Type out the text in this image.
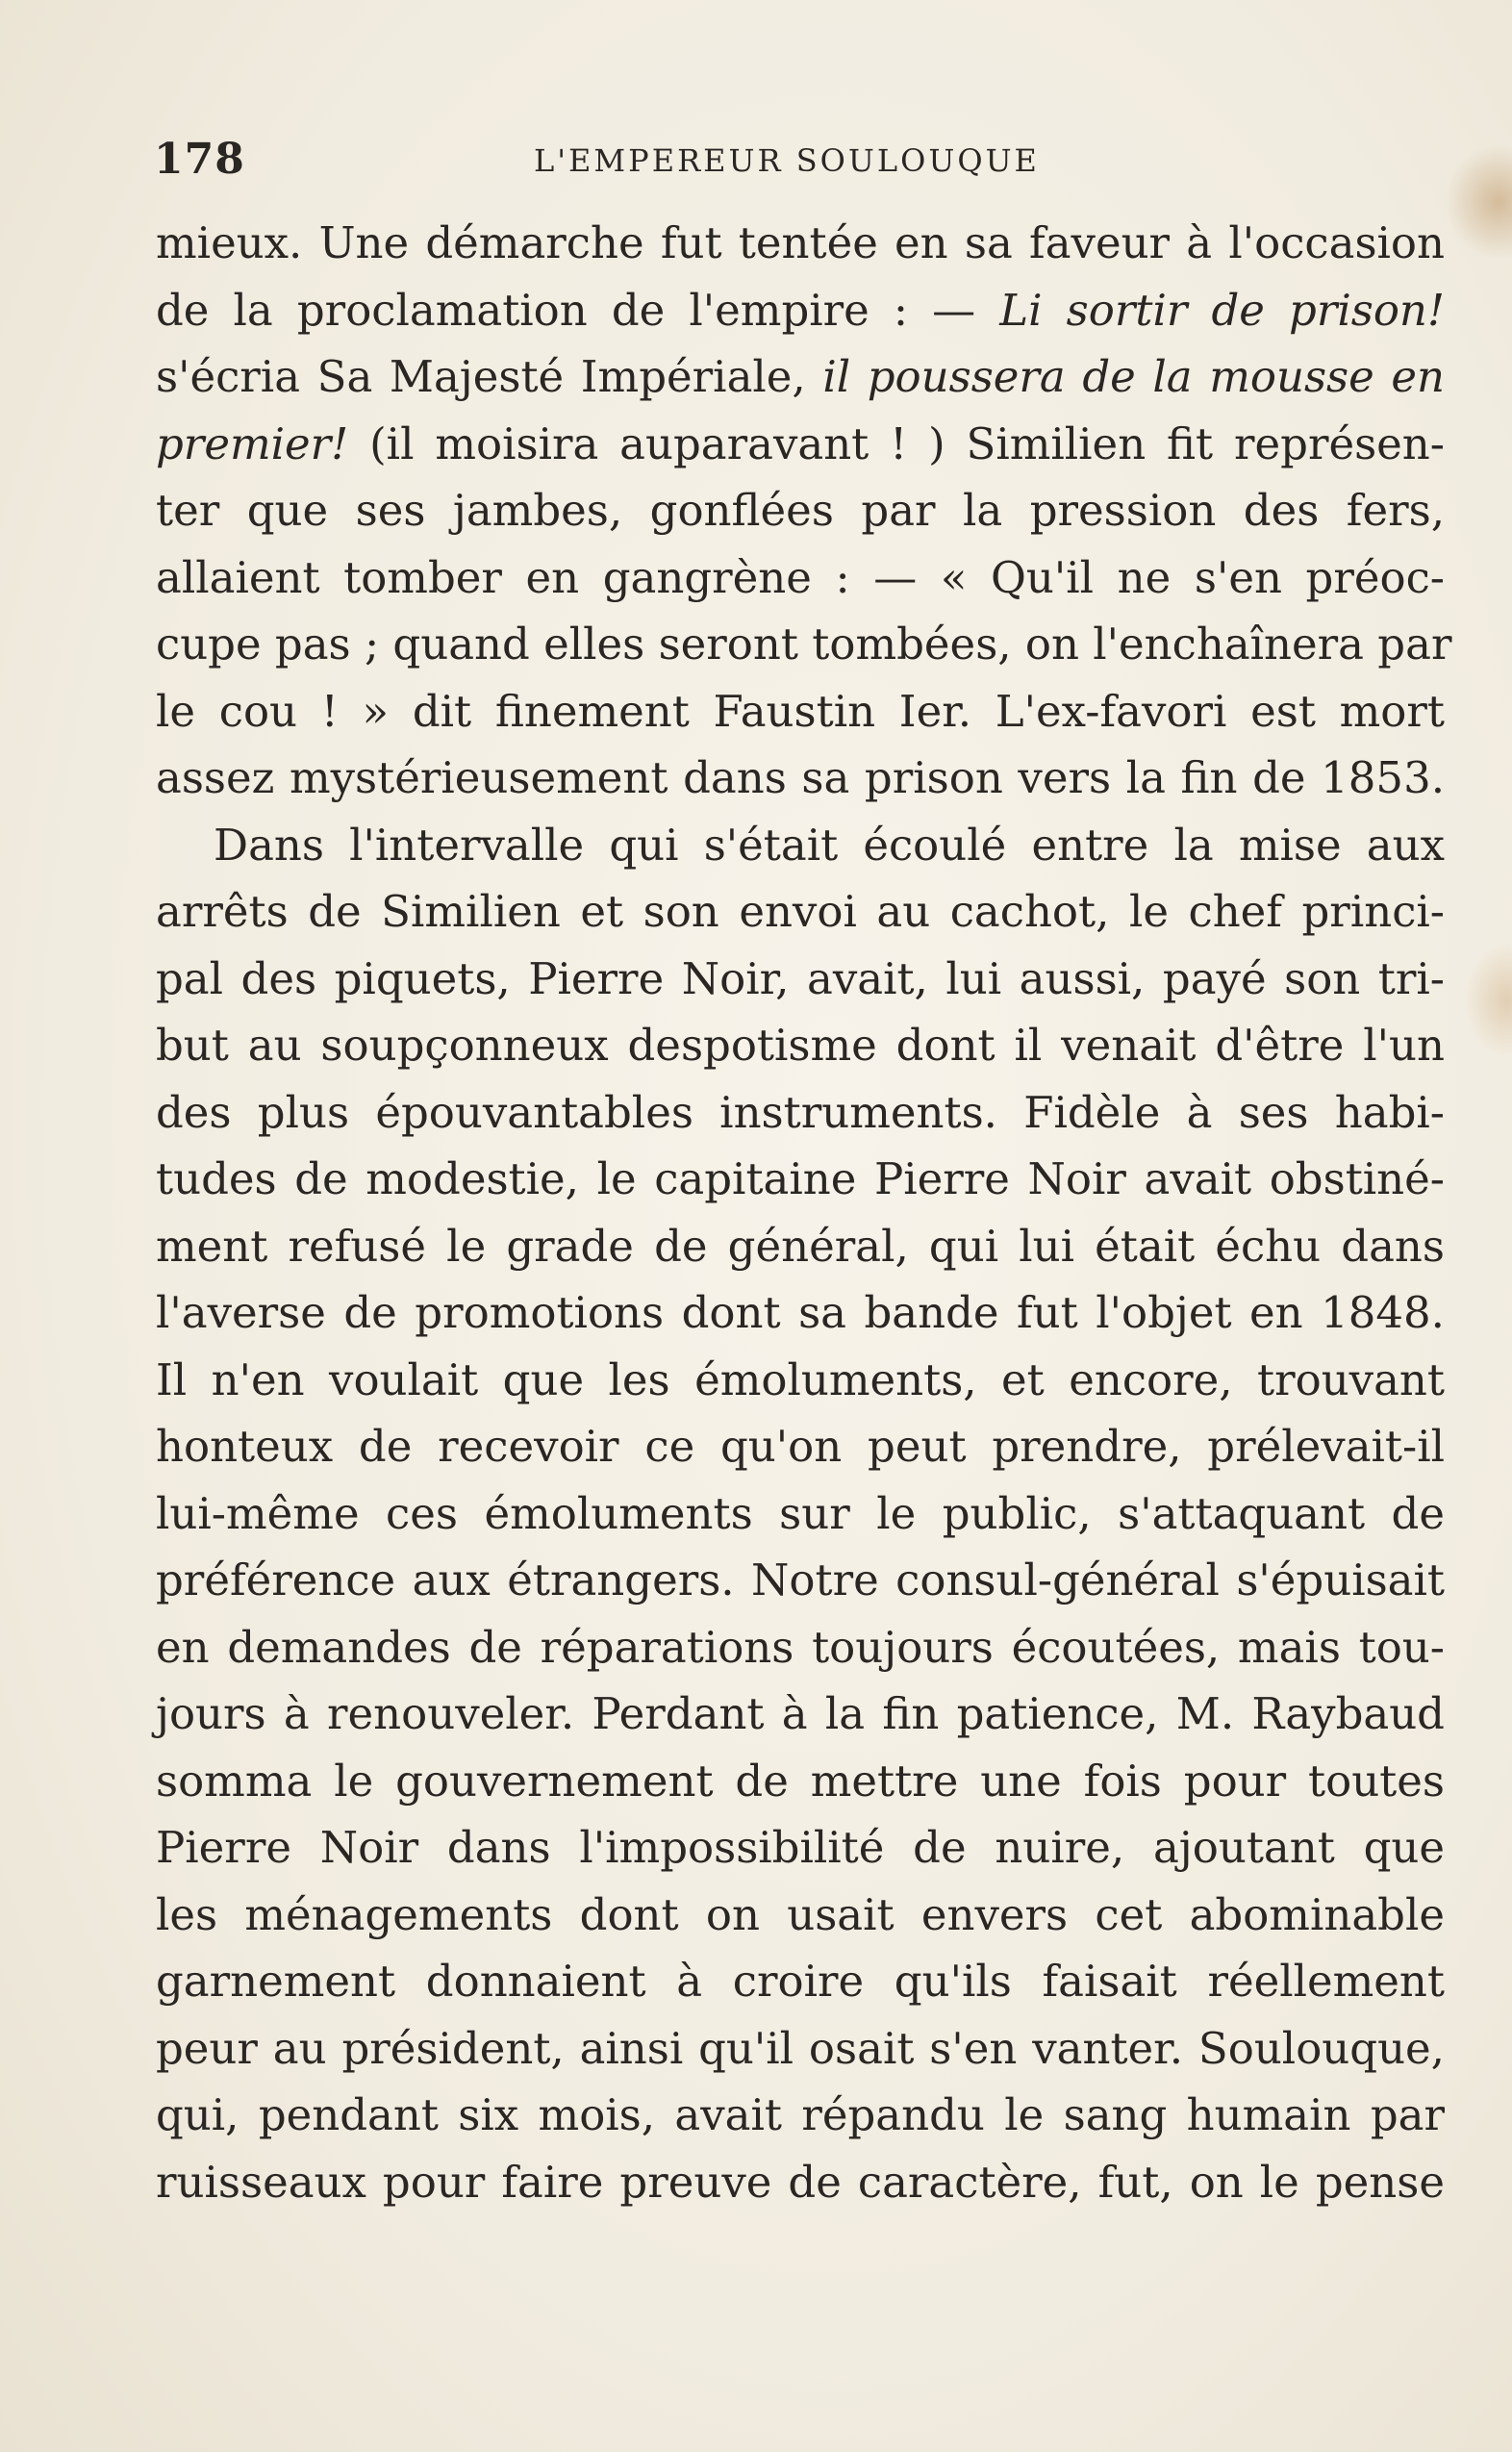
178	L'EMPEREUR SOULOUQUE
mieux. Une démarche fut tentée en sa faveur à l'occasion
de la proclamation de l'empire : — Li sortir de prison!
s'écria Sa Majesté Impériale, il poussera de la mousse en
premier! (il moisira auparavant ! ) Similien fit représen-
ter que ses jambes, gonflées par la pression des fers,
allaient tomber en gangrène : — « Qu'il ne s'en préoc-
cupe pas ; quand elles seront tombées, on l'enchaînera par
le cou ! » dit finement Faustin Ier. L'ex-favori est mort
assez mystérieusement dans sa prison vers la fin de 1853.
Dans l'intervalle qui s'était écoulé entre la mise aux
arrêts de Similien et son envoi au cachot, le chef princi-
pal des piquets, Pierre Noir, avait, lui aussi, payé son tri-
but au soupçonneux despotisme dont il venait d'être l'un
des plus épouvantables instruments. Fidèle à ses habi-
tudes de modestie, le capitaine Pierre Noir avait obstiné-
ment refusé le grade de général, qui lui était échu dans
l'averse de promotions dont sa bande fut l'objet en 1848.
Il n'en voulait que les émoluments, et encore, trouvant
honteux de recevoir ce qu'on peut prendre, prélevait-il
lui-même ces émoluments sur le public, s'attaquant de
préférence aux étrangers. Notre consul-général s'épuisait
en demandes de réparations toujours écoutées, mais tou-
jours à renouveler. Perdant à la fin patience, M. Raybaud
somma le gouvernement de mettre une fois pour toutes
Pierre Noir dans l'impossibilité de nuire, ajoutant que
les ménagements dont on usait envers cet abominable
garnement donnaient à croire qu'ils faisait réellement
peur au président, ainsi qu'il osait s'en vanter. Soulouque,
qui, pendant six mois, avait répandu le sang humain par
ruisseaux pour faire preuve de caractère, fut, on le pense
